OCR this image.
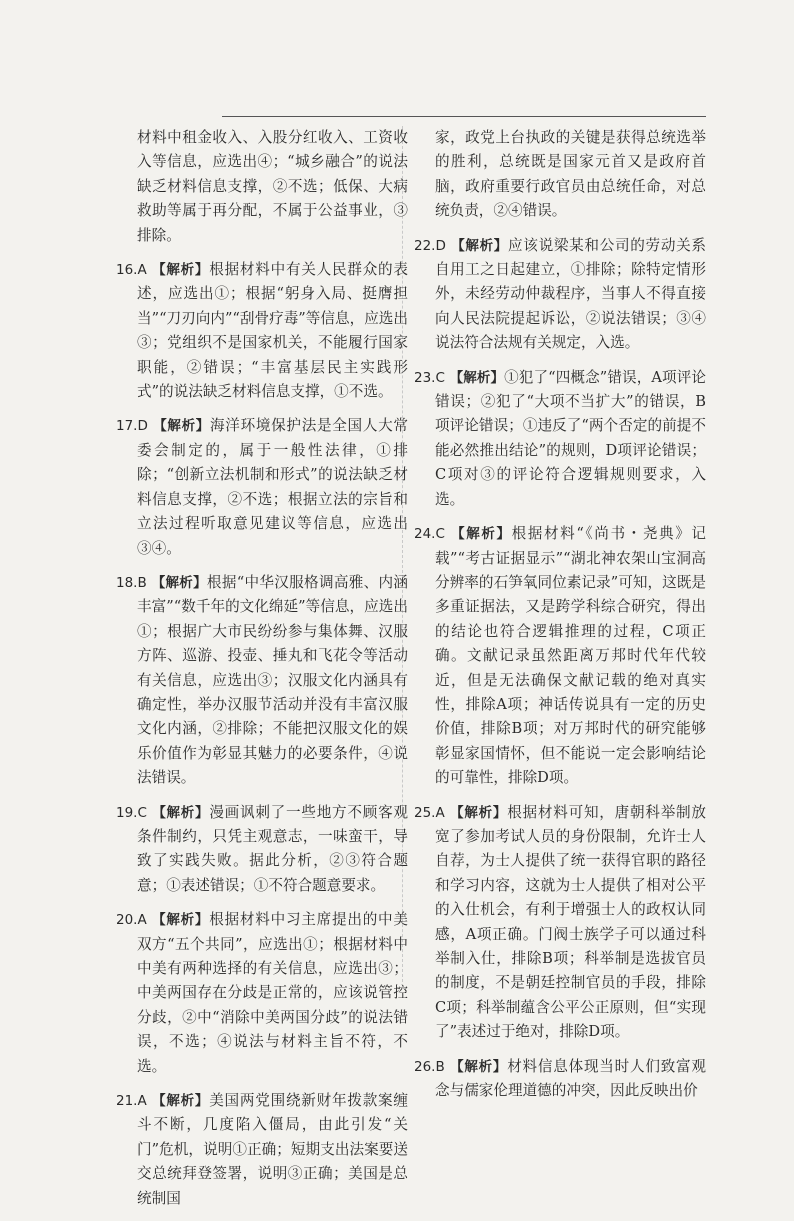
材料中租金收入、入股分红收入、工资收入等信息，应选出④；“城乡融合”的说法缺乏材料信息支撑，②不选；低保、大病救助等属于再分配，不属于公益事业，③排除。

16.A 【解析】根据材料中有关人民群众的表述，应选出①；根据“躬身入局、挺膺担当”“刀刃向内”“刮骨疗毒”等信息，应选出③；党组织不是国家机关，不能履行国家职能，②错误；“丰富基层民主实践形式”的说法缺乏材料信息支撑，①不选。

17.D 【解析】海洋环境保护法是全国人大常委会制定的，属于一般性法律，①排除；“创新立法机制和形式”的说法缺乏材料信息支撑，②不选；根据立法的宗旨和立法过程听取意见建议等信息，应选出③④。

18.B 【解析】根据“中华汉服格调高雅、内涵丰富”“数千年的文化绵延”等信息，应选出①；根据广大市民纷纷参与集体舞、汉服方阵、巡游、投壶、捶丸和飞花令等活动有关信息，应选出③；汉服文化内涵具有确定性，举办汉服节活动并没有丰富汉服文化内涵，②排除；不能把汉服文化的娱乐价值作为彰显其魅力的必要条件，④说法错误。

19.C 【解析】漫画讽刺了一些地方不顾客观条件制约，只凭主观意志，一味蛮干，导致了实践失败。据此分析，②③符合题意；①表述错误；①不符合题意要求。

20.A 【解析】根据材料中习主席提出的中美双方“五个共同”，应选出①；根据材料中中美有两种选择的有关信息，应选出③；中美两国存在分歧是正常的，应该说管控分歧，②中“消除中美两国分歧”的说法错误，不选；④说法与材料主旨不符，不选。

21.A 【解析】美国两党围绕新财年拨款案缠斗不断，几度陷入僵局，由此引发“关门”危机，说明①正确；短期支出法案要送交总统拜登签署，说明③正确；美国是总统制国

家，政党上台执政的关键是获得总统选举的胜利，总统既是国家元首又是政府首脑，政府重要行政官员由总统任命，对总统负责，②④错误。

22.D 【解析】应该说梁某和公司的劳动关系自用工之日起建立，①排除；除特定情形外，未经劳动仲裁程序，当事人不得直接向人民法院提起诉讼，②说法错误；③④说法符合法规有关规定，入选。

23.C 【解析】①犯了“四概念”错误，A项评论错误；②犯了“大项不当扩大”的错误，B项评论错误；①违反了“两个否定的前提不能必然推出结论”的规则，D项评论错误；C项对③的评论符合逻辑规则要求，入选。

24.C 【解析】根据材料“《尚书・尧典》记载”“考古证据显示”“湖北神农架山宝洞高分辨率的石笋氧同位素记录”可知，这既是多重证据法，又是跨学科综合研究，得出的结论也符合逻辑推理的过程，C项正确。文献记录虽然距离万邦时代年代较近，但是无法确保文献记载的绝对真实性，排除A项；神话传说具有一定的历史价值，排除B项；对万邦时代的研究能够彰显家国情怀，但不能说一定会影响结论的可靠性，排除D项。

25.A 【解析】根据材料可知，唐朝科举制放宽了参加考试人员的身份限制，允许士人自荐，为士人提供了统一获得官职的路径和学习内容，这就为士人提供了相对公平的入仕机会，有利于增强士人的政权认同感，A项正确。门阀士族学子可以通过科举制入仕，排除B项；科举制是选拔官员的制度，不是朝廷控制官员的手段，排除C项；科举制蕴含公平公正原则，但“实现了”表述过于绝对，排除D项。

26.B 【解析】材料信息体现当时人们致富观念与儒家伦理道德的冲突，因此反映出价
